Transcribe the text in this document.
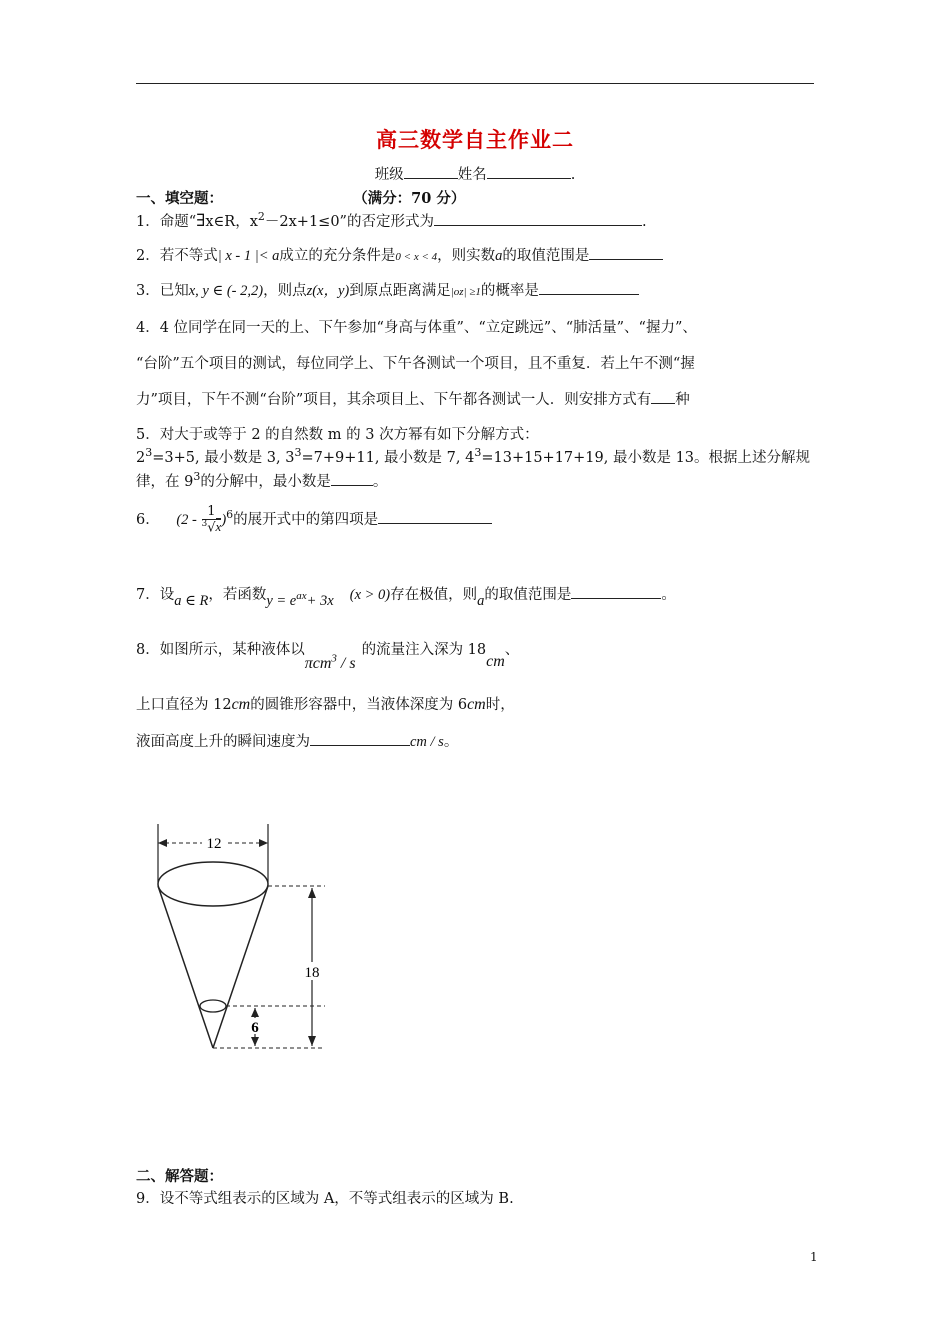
高三数学自主作业二
班级	姓名	.
一、填空题：	（满分：70 分）
1．命题“∃x∈R，$x^2-2x+1\le 0$”的否定形式为	.
2．若不等式| x - 1 |< a成立的充分条件是0 < x < 4，则实数a的取值范围是
3．已知x, y ∈ (- 2,2)，则点z(x，y)到原点距离满足|oz| ≥1的概率是
4．4 位同学在同一天的上、下午参加“身高与体重”、“立定跳远”、“肺活量”、“握力”、
“台阶”五个项目的测试，每位同学上、下午各测试一个项目，且不重复．若上午不测“握
力”项目，下午不测“台阶”项目，其余项目上、下午都各测试一人．则安排方式有 种
5．对大于或等于 2 的自然数 m 的 3 次方幂有如下分解方式：
$2^3=3+5$, 最小数是 3, $3^3=7+9+11$, 最小数是 7, $4^3=13+15+17+19$, 最小数是 13。根据上述分解规
律，在 $9^3$的分解中，最小数是	。
6． $(2 - \frac{1}{^3√x} )^6$的展开式中的第四项是
7．设a ∈ R，若函数$y = e^{ax}+ 3x$ (x > 0)存在极值，则a的取值范围是	。
8．如图所示，某种液体以πcm$^3$ / s的流量注入深为 18cm、
上口直径为 12cm的圆锥形容器中，当液体深度为 6cm时，
液面高度上升的瞬间速度为	cm / s。
12
18
6
二、解答题：
9．设不等式组表示的区域为 A，不等式组表示的区域为 B.
1
